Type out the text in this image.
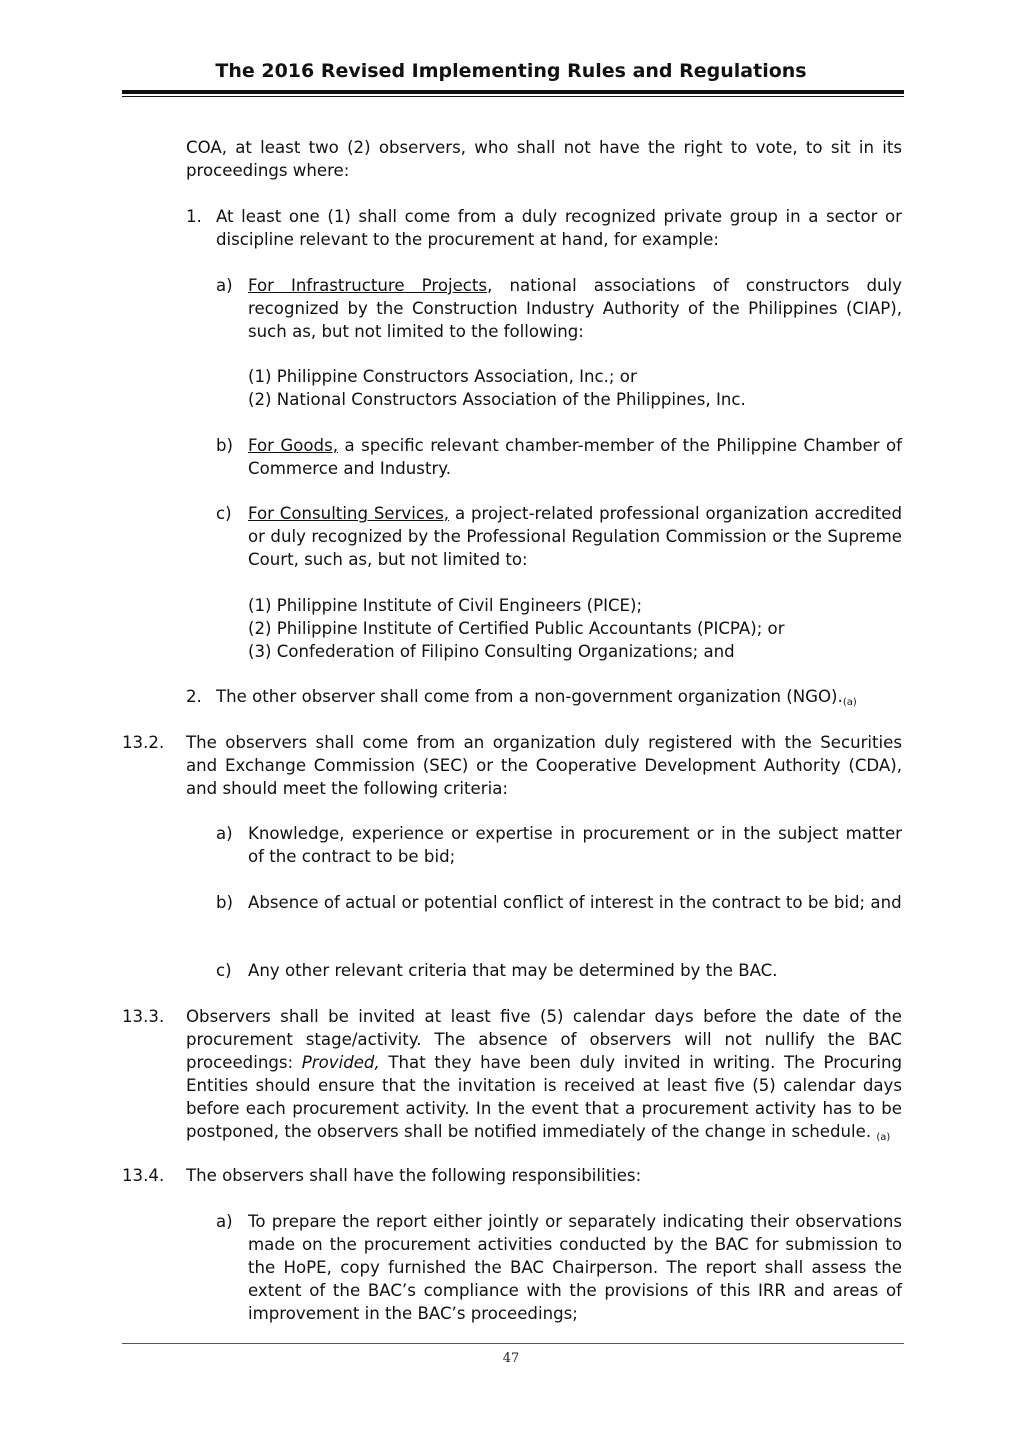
The 2016 Revised Implementing Rules and Regulations
COA, at least two (2) observers, who shall not have the right to vote, to sit in its proceedings where:
1. At least one (1) shall come from a duly recognized private group in a sector or discipline relevant to the procurement at hand, for example:
a) For Infrastructure Projects, national associations of constructors duly recognized by the Construction Industry Authority of the Philippines (CIAP), such as, but not limited to the following:
(1) Philippine Constructors Association, Inc.; or
(2) National Constructors Association of the Philippines, Inc.
b) For Goods, a specific relevant chamber-member of the Philippine Chamber of Commerce and Industry.
c) For Consulting Services, a project-related professional organization accredited or duly recognized by the Professional Regulation Commission or the Supreme Court, such as, but not limited to:
(1) Philippine Institute of Civil Engineers (PICE);
(2) Philippine Institute of Certified Public Accountants (PICPA); or
(3) Confederation of Filipino Consulting Organizations; and
2. The other observer shall come from a non-government organization $(NGO)._{(a)}$
13.2. The observers shall come from an organization duly registered with the Securities and Exchange Commission (SEC) or the Cooperative Development Authority (CDA), and should meet the following criteria:
a) Knowledge, experience or expertise in procurement or in the subject matter of the contract to be bid;
b) Absence of actual or potential conflict of interest in the contract to be bid; and
c) Any other relevant criteria that may be determined by the BAC.
13.3. Observers shall be invited at least five (5) calendar days before the date of the procurement stage/activity. The absence of observers will not nullify the BAC proceedings: Provided, That they have been duly invited in writing. The Procuring Entities should ensure that the invitation is received at least five (5) calendar days before each procurement activity. In the event that a procurement activity has to be postponed, the observers shall be notified immediately of the change in schedule. $_{(a)}$
13.4. The observers shall have the following responsibilities:
a) To prepare the report either jointly or separately indicating their observations made on the procurement activities conducted by the BAC for submission to the HoPE, copy furnished the BAC Chairperson. The report shall assess the extent of the BAC’s compliance with the provisions of this IRR and areas of improvement in the BAC’s proceedings;
47
